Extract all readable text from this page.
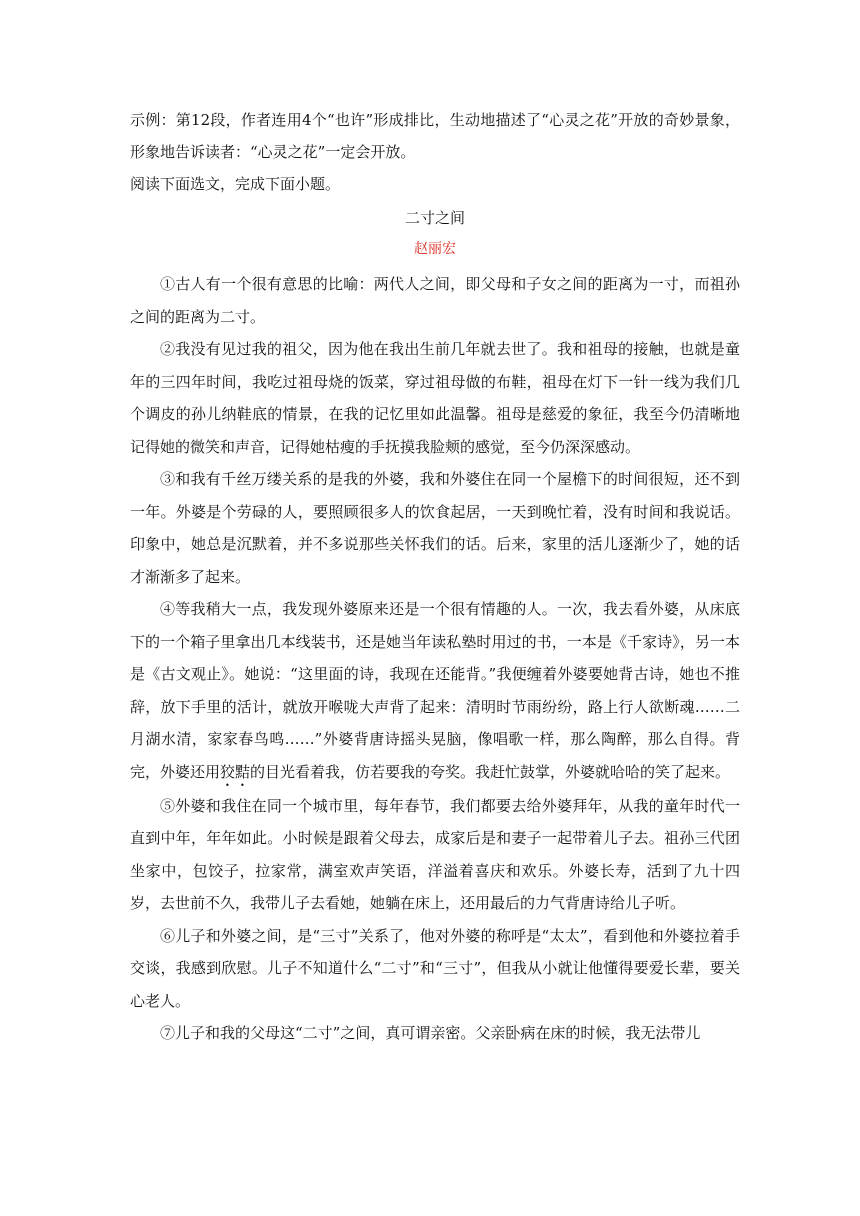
示例：第12段，作者连用4个“也许”形成排比，生动地描述了“心灵之花”开放的奇妙景象，形象地告诉读者：“心灵之花”一定会开放。

阅读下面选文，完成下面小题。

二寸之间

赵丽宏

①古人有一个很有意思的比喻：两代人之间，即父母和子女之间的距离为一寸，而祖孙之间的距离为二寸。

②我没有见过我的祖父，因为他在我出生前几年就去世了。我和祖母的接触，也就是童年的三四年时间，我吃过祖母烧的饭菜，穿过祖母做的布鞋，祖母在灯下一针一线为我们几个调皮的孙儿纳鞋底的情景，在我的记忆里如此温馨。祖母是慈爱的象征，我至今仍清晰地记得她的微笑和声音，记得她枯瘦的手抚摸我脸颊的感觉，至今仍深深感动。

③和我有千丝万缕关系的是我的外婆，我和外婆住在同一个屋檐下的时间很短，还不到一年。外婆是个劳碌的人，要照顾很多人的饮食起居，一天到晚忙着，没有时间和我说话。印象中，她总是沉默着，并不多说那些关怀我们的话。后来，家里的活儿逐渐少了，她的话才渐渐多了起来。

④等我稍大一点，我发现外婆原来还是一个很有情趣的人。一次，我去看外婆，从床底下的一个箱子里拿出几本线装书，还是她当年读私塾时用过的书，一本是《千家诗》，另一本是《古文观止》。她说：“这里面的诗，我现在还能背。”我便缠着外婆要她背古诗，她也不推辞，放下手里的活计，就放开喉咙大声背了起来：清明时节雨纷纷，路上行人欲断魂……二月湖水清，家家春鸟鸣……”外婆背唐诗摇头晃脑，像唱歌一样，那么陶醉，那么自得。背完，外婆还用狡黠的目光看着我，仿若要我的夸奖。我赶忙鼓掌，外婆就哈哈的笑了起来。

⑤外婆和我住在同一个城市里，每年春节，我们都要去给外婆拜年，从我的童年时代一直到中年，年年如此。小时候是跟着父母去，成家后是和妻子一起带着儿子去。祖孙三代团坐家中，包饺子，拉家常，满室欢声笑语，洋溢着喜庆和欢乐。外婆长寿，活到了九十四岁，去世前不久，我带儿子去看她，她躺在床上，还用最后的力气背唐诗给儿子听。

⑥儿子和外婆之间，是“三寸”关系了，他对外婆的称呼是“太太”，看到他和外婆拉着手交谈，我感到欣慰。儿子不知道什么“二寸”和“三寸”，但我从小就让他懂得要爱长辈，要关心老人。

⑦儿子和我的父母这“二寸”之间，真可谓亲密。父亲卧病在床的时候，我无法带儿
